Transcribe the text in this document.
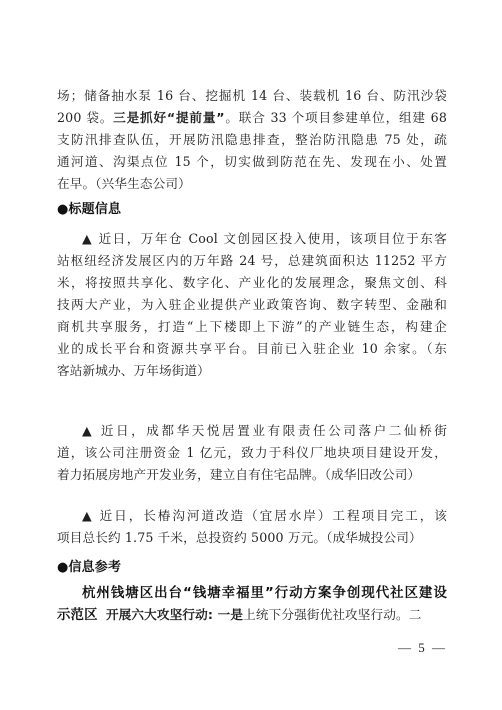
场；储备抽水泵 16 台、挖掘机 14 台、装载机 16 台、防汛沙袋
200 袋。三是抓好“提前量”。联合 33 个项目参建单位，组建 68
支防汛排查队伍，开展防汛隐患排查，整治防汛隐患 75 处，疏
通河道、沟渠点位 15 个，切实做到防范在先、发现在小、处置
在早。（兴华生态公司）
●标题信息
▲ 近日，万年仓 Cool 文创园区投入使用，该项目位于东客
站枢纽经济发展区内的万年路 24 号，总建筑面积达 11252 平方
米，将按照共享化、数字化、产业化的发展理念，聚焦文创、科
技两大产业，为入驻企业提供产业政策咨询、数字转型、金融和
商机共享服务，打造“上下楼即上下游”的产业链生态，构建企
业的成长平台和资源共享平台。目前已入驻企业 10 余家。（东
客站新城办、万年场街道）
▲ 近日，成都华天悦居置业有限责任公司落户二仙桥街
道，该公司注册资金 1 亿元，致力于科仪厂地块项目建设开发，
着力拓展房地产开发业务，建立自有住宅品牌。（成华旧改公司）
▲ 近日，长椿沟河道改造（宜居水岸）工程项目完工，该
项目总长约 1.75 千米，总投资约 5000 万元。（成华城投公司）
●信息参考
杭州钱塘区出台“钱塘幸福里”行动方案争创现代社区建设
示范区 开展六大攻坚行动: 一是上统下分强街优社攻坚行动。二
— 5 —
